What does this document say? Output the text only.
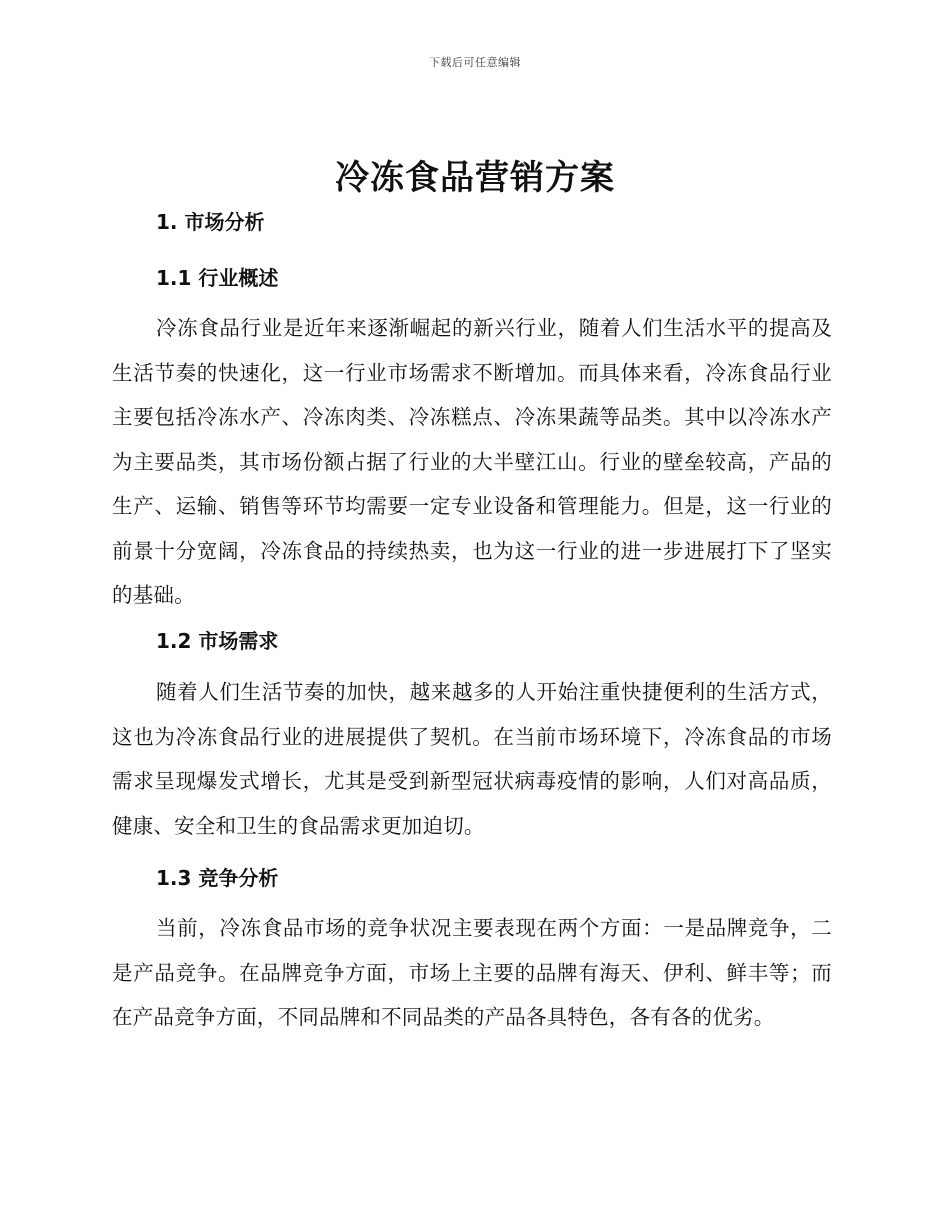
下载后可任意编辑
冷冻食品营销方案
1. 市场分析
1.1 行业概述

冷冻食品行业是近年来逐渐崛起的新兴行业，随着人们生活水平的提高及生活节奏的快速化，这一行业市场需求不断增加。而具体来看，冷冻食品行业主要包括冷冻水产、冷冻肉类、冷冻糕点、冷冻果蔬等品类。其中以冷冻水产为主要品类，其市场份额占据了行业的大半壁江山。行业的壁垒较高，产品的生产、运输、销售等环节均需要一定专业设备和管理能力。但是，这一行业的前景十分宽阔，冷冻食品的持续热卖，也为这一行业的进一步进展打下了坚实的基础。

1.2 市场需求

随着人们生活节奏的加快，越来越多的人开始注重快捷便利的生活方式，这也为冷冻食品行业的进展提供了契机。在当前市场环境下，冷冻食品的市场需求呈现爆发式增长，尤其是受到新型冠状病毒疫情的影响，人们对高品质，健康、安全和卫生的食品需求更加迫切。

1.3 竞争分析

当前，冷冻食品市场的竞争状况主要表现在两个方面：一是品牌竞争，二是产品竞争。在品牌竞争方面，市场上主要的品牌有海天、伊利、鲜丰等；而在产品竞争方面，不同品牌和不同品类的产品各具特色，各有各的优劣。
